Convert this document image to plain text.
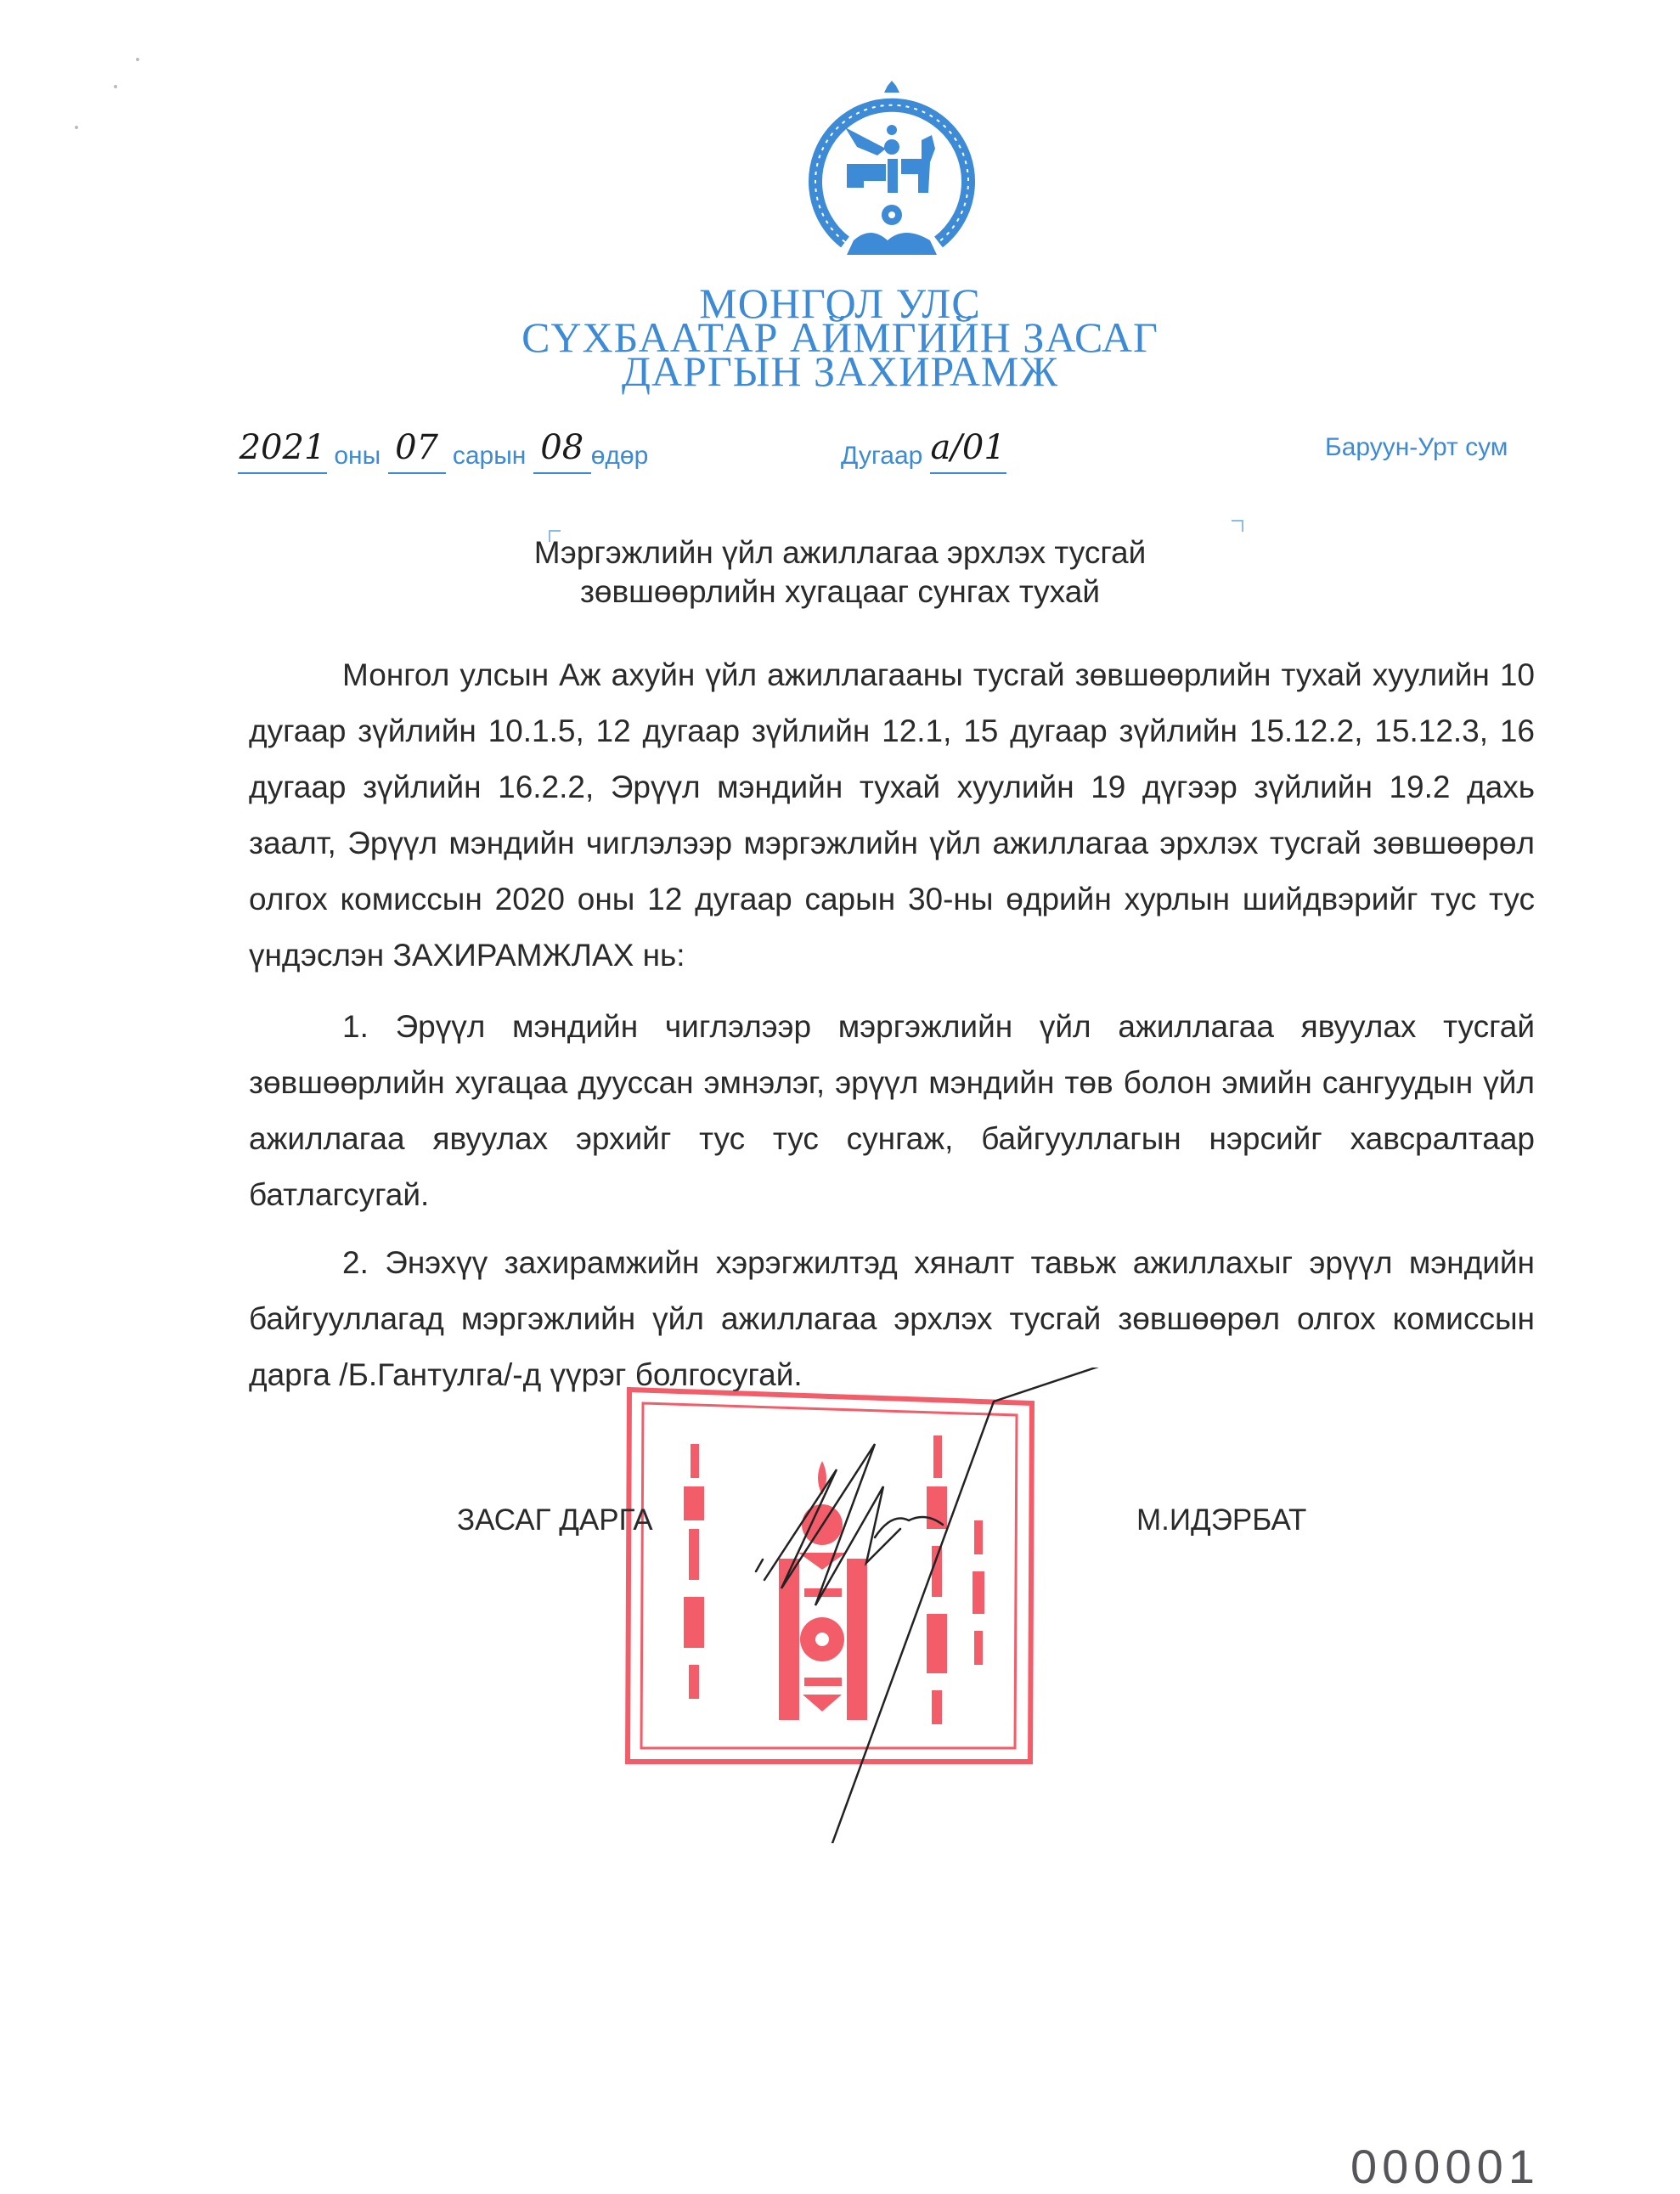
МОНГОЛ УЛС
СҮХБААТАР АЙМГИЙН ЗАСАГ
ДАРГЫН ЗАХИРАМЖ
2021 оны 07 сарын 08 өдөр	Дугаар а/01	Баруун-Урт сум
Мэргэжлийн үйл ажиллагаа эрхлэх тусгай
зөвшөөрлийн хугацааг сунгах тухай

Монгол улсын Аж ахуйн үйл ажиллагааны тусгай зөвшөөрлийн тухай хуулийн 10 дугаар зүйлийн 10.1.5, 12 дугаар зүйлийн 12.1, 15 дугаар зүйлийн 15.12.2, 15.12.3, 16 дугаар зүйлийн 16.2.2, Эрүүл мэндийн тухай хуулийн 19 дүгээр зүйлийн 19.2 дахь заалт, Эрүүл мэндийн чиглэлээр мэргэжлийн үйл ажиллагаа эрхлэх тусгай зөвшөөрөл олгох комиссын 2020 оны 12 дугаар сарын 30-ны өдрийн хурлын шийдвэрийг тус тус үндэслэн ЗАХИРАМЖЛАХ нь:

1. Эрүүл мэндийн чиглэлээр мэргэжлийн үйл ажиллагаа явуулах тусгай зөвшөөрлийн хугацаа дууссан эмнэлэг, эрүүл мэндийн төв болон эмийн сангуудын үйл ажиллагаа явуулах эрхийг тус тус сунгаж, байгууллагын нэрсийг хавсралтаар батлагсугай.

2. Энэхүү захирамжийн хэрэгжилтэд хяналт тавьж ажиллахыг эрүүл мэндийн байгууллагад мэргэжлийн үйл ажиллагаа эрхлэх тусгай зөвшөөрөл олгох комиссын дарга /Б.Гантулга/-д үүрэг болгосугай.

ЗАСАГ ДАРГА	М.ИДЭРБАТ
000001
